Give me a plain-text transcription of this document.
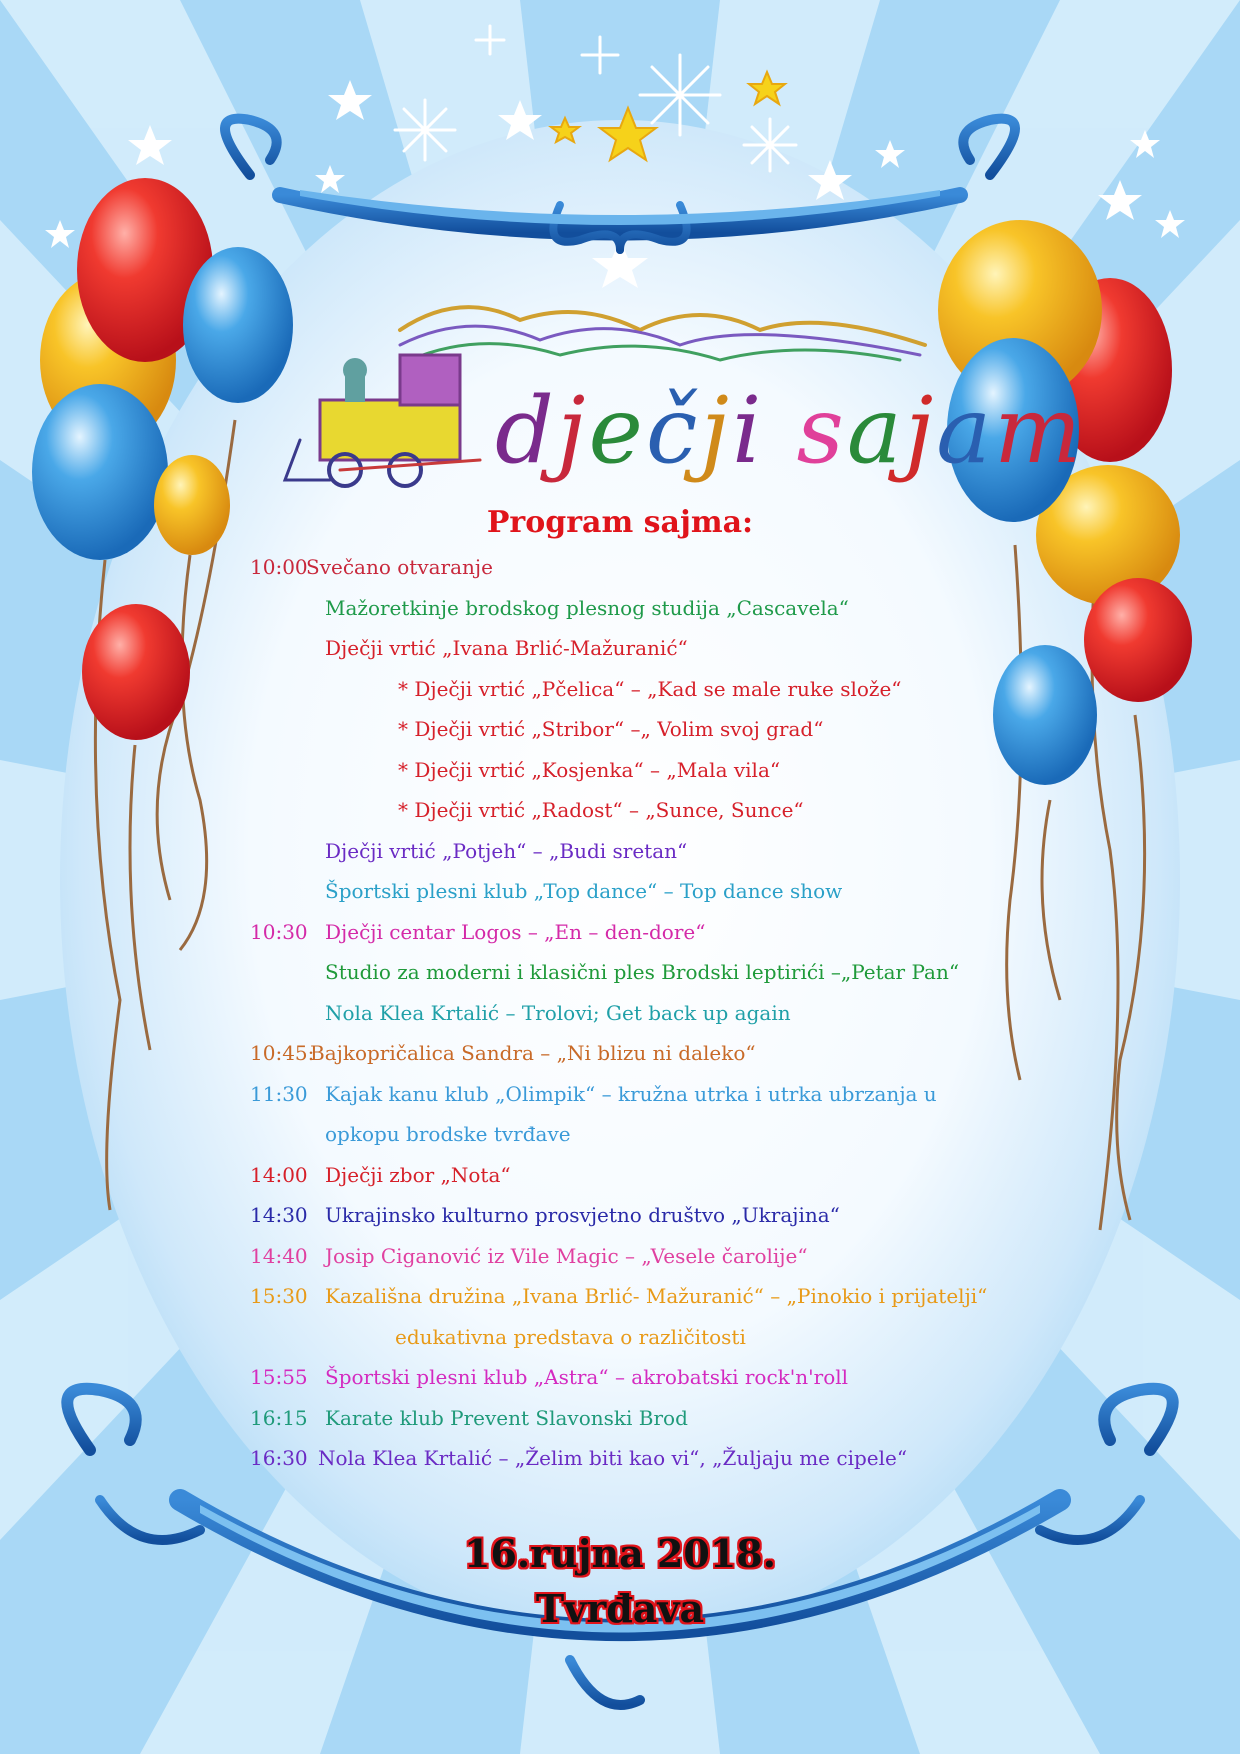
dječji sajam
Program sajma:
10:00
Svečano otvaranje
Mažoretkinje brodskog plesnog studija „Cascavela“
Dječji vrtić „Ivana Brlić-Mažuranić“
* Dječji vrtić „Pčelica“ – „Kad se male ruke slože“
* Dječji vrtić „Stribor“ –„ Volim svoj grad“
* Dječji vrtić „Kosjenka“ – „Mala vila“
* Dječji vrtić „Radost“ – „Sunce, Sunce“
Dječji vrtić „Potjeh“ – „Budi sretan“
Športski plesni klub „Top dance“ – Top dance show
10:30 Dječji centar Logos – „En – den-dore“
Studio za moderni i klasični ples Brodski leptirići –„Petar Pan“
Nola Klea Krtalić – Trolovi; Get back up again
10:45:
Bajkopričalica Sandra – „Ni blizu ni daleko“
11:30 Kajak kanu klub „Olimpik“ – kružna utrka i utrka ubrzanja u
opkopu brodske tvrđave
14:00 Dječji zbor „Nota“
14:30 Ukrajinsko kulturno prosvjetno društvo „Ukrajina“
14:40 Josip Ciganović iz Vile Magic – „Vesele čarolije“
15:30 Kazališna družina „Ivana Brlić- Mažuranić“ – „Pinokio i prijatelji“
edukativna predstava o različitosti
15:55 Športski plesni klub „Astra“ – akrobatski rock'n'roll
16:15 Karate klub Prevent Slavonski Brod
16:30 Nola Klea Krtalić – „Želim biti kao vi“, „Žuljaju me cipele“
16.rujna 2018.
Tvrđava
